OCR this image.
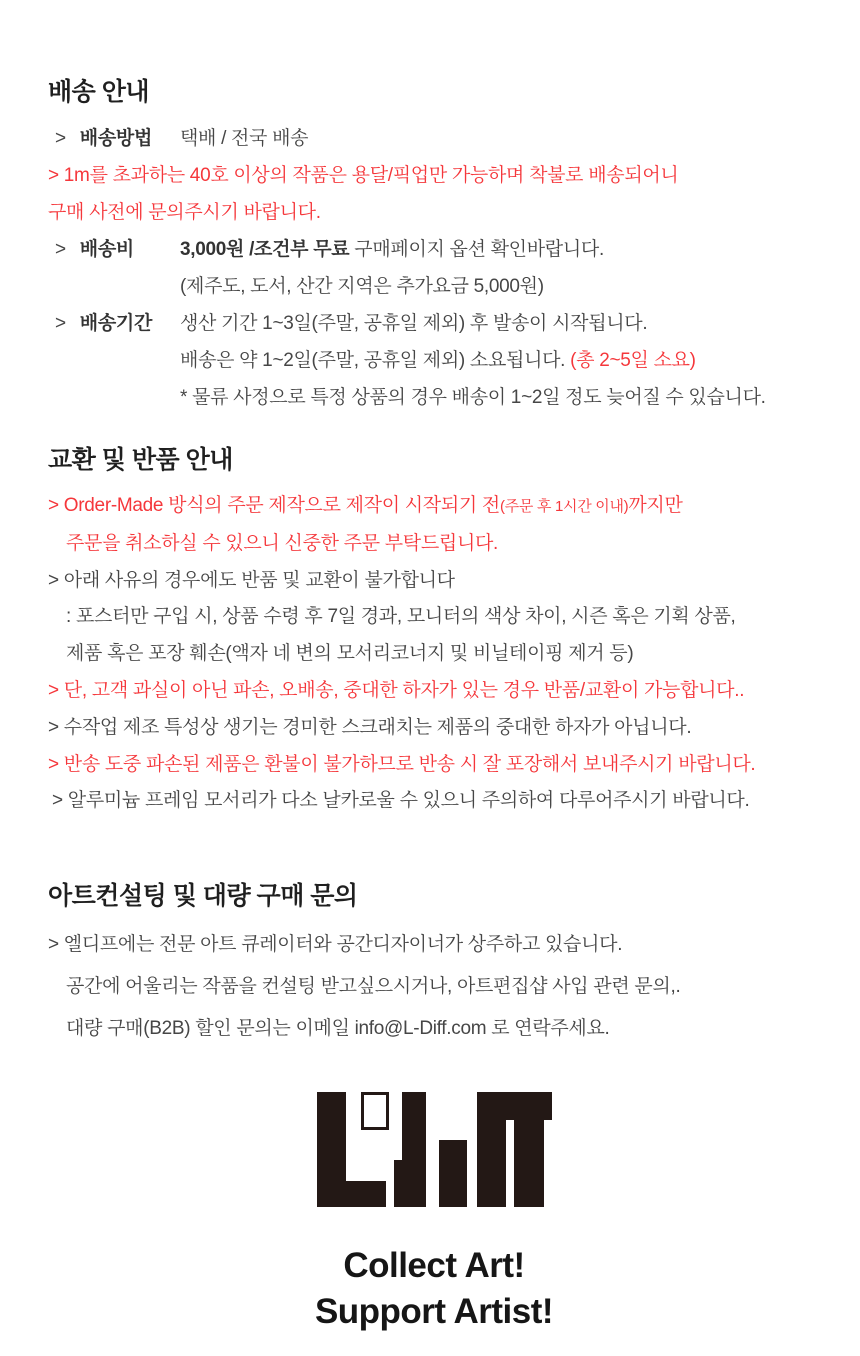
배송 안내
> 배송방법	택배 / 전국 배송
> 1m를 초과하는 40호 이상의 작품은 용달/픽업만 가능하며 착불로 배송되어니
구매 사전에 문의주시기 바랍니다.
> 배송비	3,000원 /조건부 무료 구매페이지 옵션 확인바랍니다.
(제주도, 도서, 산간 지역은 추가요금 5,000원)
> 배송기간	생산 기간 1~3일(주말, 공휴일 제외) 후 발송이 시작됩니다.
배송은 약 1~2일(주말, 공휴일 제외) 소요됩니다. (총 2~5일 소요)
* 물류 사정으로 특정 상품의 경우 배송이 1~2일 정도 늦어질 수 있습니다.
교환 및 반품 안내
> Order-Made 방식의 주문 제작으로 제작이 시작되기 전(주문 후 1시간 이내)까지만
주문을 취소하실 수 있으니 신중한 주문 부탁드립니다.
> 아래 사유의 경우에도 반품 및 교환이 불가합니다
: 포스터만 구입 시, 상품 수령 후 7일 경과, 모니터의 색상 차이, 시즌 혹은 기획 상품,
제품 혹은 포장 훼손(액자 네 변의 모서리코너지 및 비닐테이핑 제거 등)
> 단, 고객 과실이 아닌 파손, 오배송, 중대한 하자가 있는 경우 반품/교환이 가능합니다..
> 수작업 제조 특성상 생기는 경미한 스크래치는 제품의 중대한 하자가 아닙니다.
> 반송 도중 파손된 제품은 환불이 불가하므로 반송 시 잘 포장해서 보내주시기 바랍니다.
> 알루미늄 프레임 모서리가 다소 날카로울 수 있으니 주의하여 다루어주시기 바랍니다.
아트컨설팅 및 대량 구매 문의
> 엘디프에는 전문 아트 큐레이터와 공간디자이너가 상주하고 있습니다.
공간에 어울리는 작품을 컨설팅 받고싶으시거나, 아트편집샵 사입 관련 문의,.
대량 구매(B2B) 할인 문의는 이메일 info@L-Diff.com 로 연락주세요.
Collect Art!
Support Artist!
